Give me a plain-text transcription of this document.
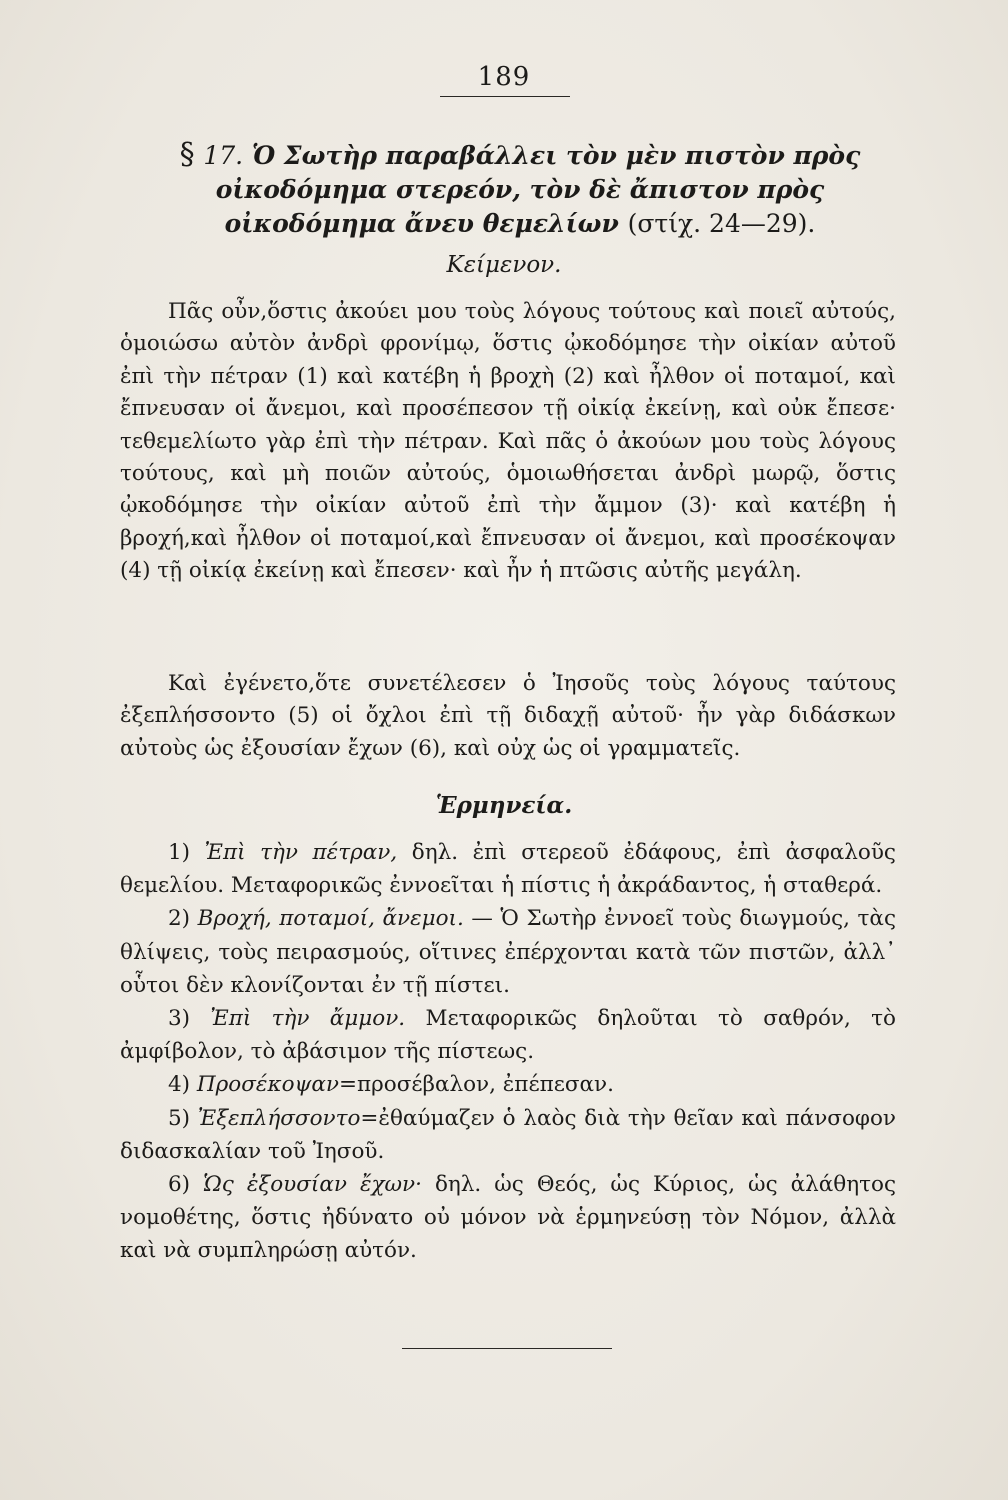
189
§ 17. Ὁ Σωτὴρ παραβάλλει τὸν μὲν πιστὸν πρὸς οἰκοδόμημα στερεόν, τὸν δὲ ἄπιστον πρὸς οἰκοδόμημα ἄνευ θεμελίων (στίχ. 24—29).
Κείμενον.

Πᾶς οὖν,ὅστις ἀκούει μου τοὺς λόγους τούτους καὶ ποιεῖ αὐτούς, ὁμοιώσω αὐτὸν ἀνδρὶ φρονίμῳ, ὅστις ᾠκοδόμησε τὴν οἰκίαν αὐτοῦ ἐπὶ τὴν πέτραν (1) καὶ κατέβη ἡ βροχὴ (2) καὶ ἦλθον οἱ ποταμοί, καὶ ἔπνευσαν οἱ ἄνεμοι, καὶ προσέπεσον τῇ οἰκίᾳ ἐκείνῃ, καὶ οὐκ ἔπεσε· τεθεμελίωτο γὰρ ἐπὶ τὴν πέτραν. Καὶ πᾶς ὁ ἀκούων μου τοὺς λόγους τούτους, καὶ μὴ ποιῶν αὐτούς, ὁμοιωθήσεται ἀνδρὶ μωρῷ, ὅστις ᾠκοδόμησε τὴν οἰκίαν αὐτοῦ ἐπὶ τὴν ἄμμον (3)· καὶ κατέβη ἡ βροχή,καὶ ἦλθον οἱ ποταμοί,καὶ ἔπνευσαν οἱ ἄνεμοι, καὶ προσέκοψαν (4) τῇ οἰκίᾳ ἐκείνῃ καὶ ἔπεσεν· καὶ ἦν ἡ πτῶσις αὐτῆς μεγάλη.

Καὶ ἐγένετο,ὅτε συνετέλεσεν ὁ Ἰησοῦς τοὺς λόγους ταύτους ἐξεπλήσσοντο (5) οἱ ὄχλοι ἐπὶ τῇ διδαχῇ αὐτοῦ· ἦν γὰρ διδάσκων αὐτοὺς ὡς ἐξουσίαν ἔχων (6), καὶ οὐχ ὡς οἱ γραμματεῖς.

Ἑρμηνεία.

1) Ἐπὶ τὴν πέτραν, δηλ. ἐπὶ στερεοῦ ἐδάφους, ἐπὶ ἀσφαλοῦς θεμελίου. Μεταφορικῶς ἐννοεῖται ἡ πίστις ἡ ἀκράδαντος, ἡ σταθερά.

2) Βροχή, ποταμοί, ἄνεμοι. — Ὁ Σωτὴρ ἐννοεῖ τοὺς διωγμούς, τὰς θλίψεις, τοὺς πειρασμούς, οἵτινες ἐπέρχονται κατὰ τῶν πιστῶν, ἀλλ᾽ οὗτοι δὲν κλονίζονται ἐν τῇ πίστει.

3) Ἐπὶ τὴν ἄμμον. Μεταφορικῶς δηλοῦται τὸ σαθρόν, τὸ ἀμφίβολον, τὸ ἀβάσιμον τῆς πίστεως.

4) Προσέκοψαν=προσέβαλον, ἐπέπεσαν.

5) Ἐξεπλήσσοντο=ἐθαύμαζεν ὁ λαὸς διὰ τὴν θεῖαν καὶ πάνσοφον διδασκαλίαν τοῦ Ἰησοῦ.

6) Ὡς ἐξουσίαν ἔχων· δηλ. ὡς Θεός, ὡς Κύριος, ὡς ἀλάθητος νομοθέτης, ὅστις ἠδύνατο οὐ μόνον νὰ ἑρμηνεύσῃ τὸν Νόμον, ἀλλὰ καὶ νὰ συμπληρώσῃ αὐτόν.
